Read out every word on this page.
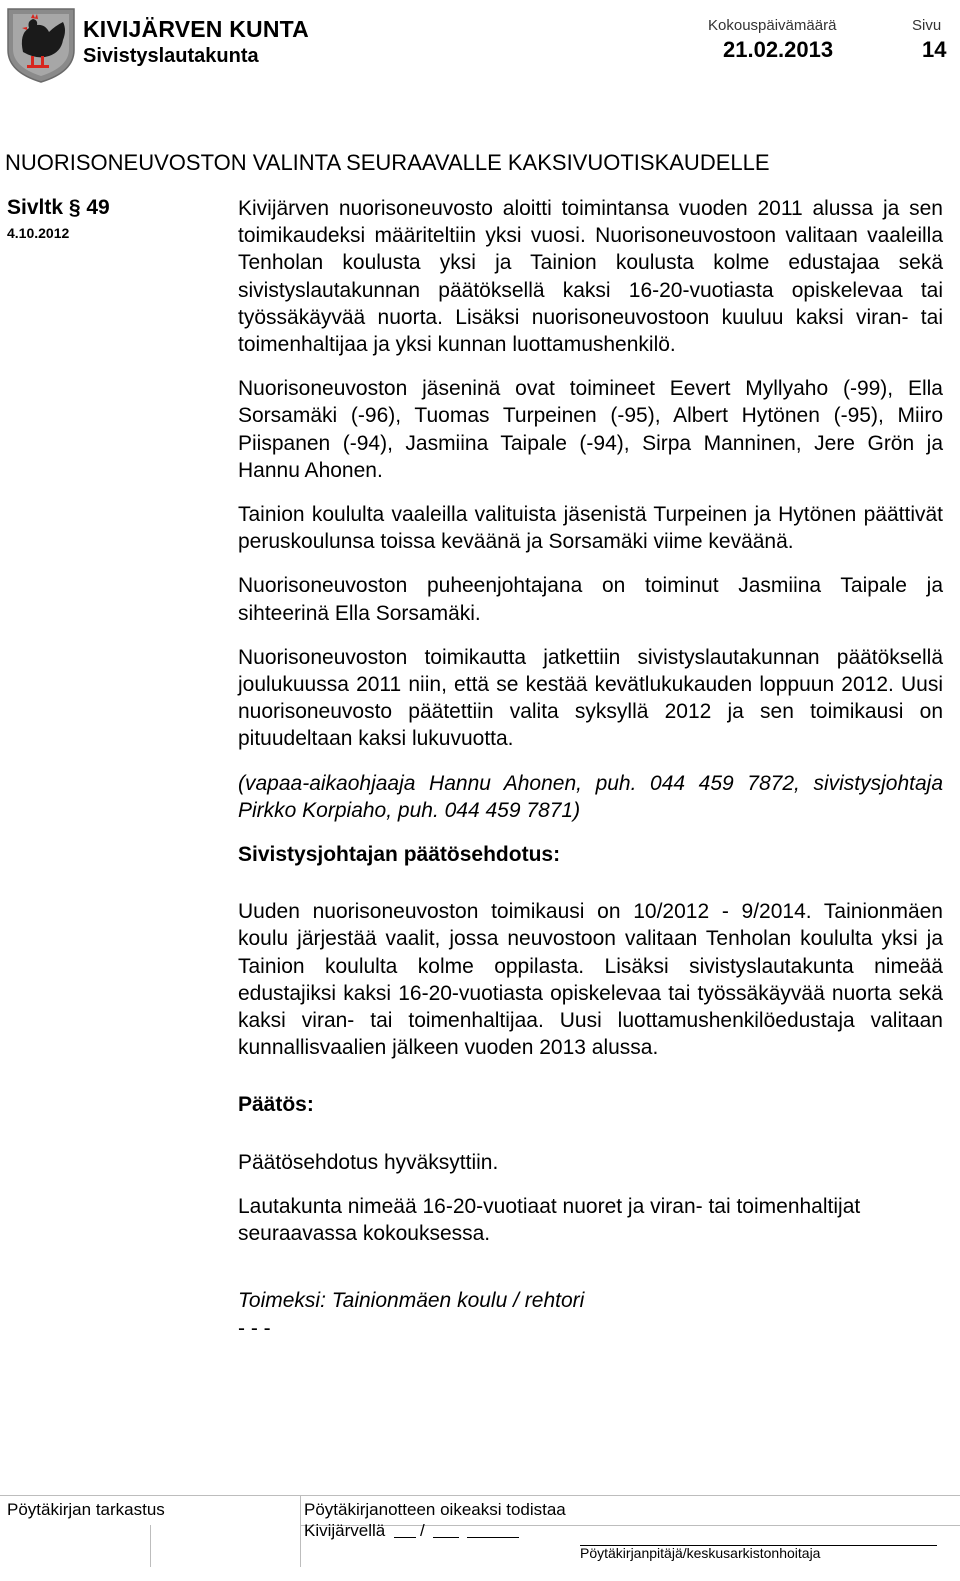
KIVIJÄRVEN KUNTA
Sivistyslautakunta
Kokouspäivämäärä
21.02.2013
Sivu
14
NUORISONEUVOSTON VALINTA SEURAAVALLE KAKSIVUOTISKAUDELLE
Sivltk § 49
4.10.2012

Kivijärven nuorisoneuvosto aloitti toimintansa vuoden 2011 alussa ja sen toimikaudeksi määriteltiin yksi vuosi. Nuorisoneuvostoon valitaan vaaleilla Tenholan koulusta yksi ja Tainion koulusta kolme edustajaa sekä sivistyslautakunnan päätöksellä kaksi 16-20-vuotiasta opiskelevaa tai työssäkäyvää nuorta. Lisäksi nuorisoneuvostoon kuuluu kaksi viran- tai toimenhaltijaa ja yksi kunnan luottamushenkilö.

Nuorisoneuvoston jäseninä ovat toimineet Eevert Myllyaho (-99), Ella Sorsamäki (-96), Tuomas Turpeinen (-95), Albert Hytönen (-95), Miiro Piispanen (-94), Jasmiina Taipale (-94), Sirpa Manninen, Jere Grön ja Hannu Ahonen.

Tainion koululta vaaleilla valituista jäsenistä Turpeinen ja Hytönen päättivät peruskoulunsa toissa keväänä ja Sorsamäki viime keväänä.

Nuorisoneuvoston puheenjohtajana on toiminut Jasmiina Taipale ja sihteerinä Ella Sorsamäki.

Nuorisoneuvoston toimikautta jatkettiin sivistyslautakunnan päätöksellä joulukuussa 2011 niin, että se kestää kevätlukukauden loppuun 2012. Uusi nuorisoneuvosto päätettiin valita syksyllä 2012 ja sen toimikausi on pituudeltaan kaksi lukuvuotta.

(vapaa-aikaohjaaja Hannu Ahonen, puh. 044 459 7872, sivistysjohtaja Pirkko Korpiaho, puh. 044 459 7871)

Sivistysjohtajan päätösehdotus:

Uuden nuorisoneuvoston toimikausi on 10/2012 - 9/2014. Tainionmäen koulu järjestää vaalit, jossa neuvostoon valitaan Tenholan koululta yksi ja Tainion koululta kolme oppilasta. Lisäksi sivistyslautakunta nimeää edustajiksi kaksi 16-20-vuotiasta opiskelevaa tai työssäkäyvää nuorta sekä kaksi viran- tai toimenhaltijaa. Uusi luottamushenkilöedustaja valitaan kunnallisvaalien jälkeen vuoden 2013 alussa.

Päätös:

Päätösehdotus hyväksyttiin.

Lautakunta nimeää 16-20-vuotiaat nuoret ja viran- tai toimenhaltijat seuraavassa kokouksessa.

Toimeksi: Tainionmäen koulu / rehtori

- - -

Pöytäkirjan tarkastus	Pöytäkirjanotteen oikeaksi todistaa
Kivijärvellä /
Pöytäkirjanpitäjä/keskusarkistonhoitaja
